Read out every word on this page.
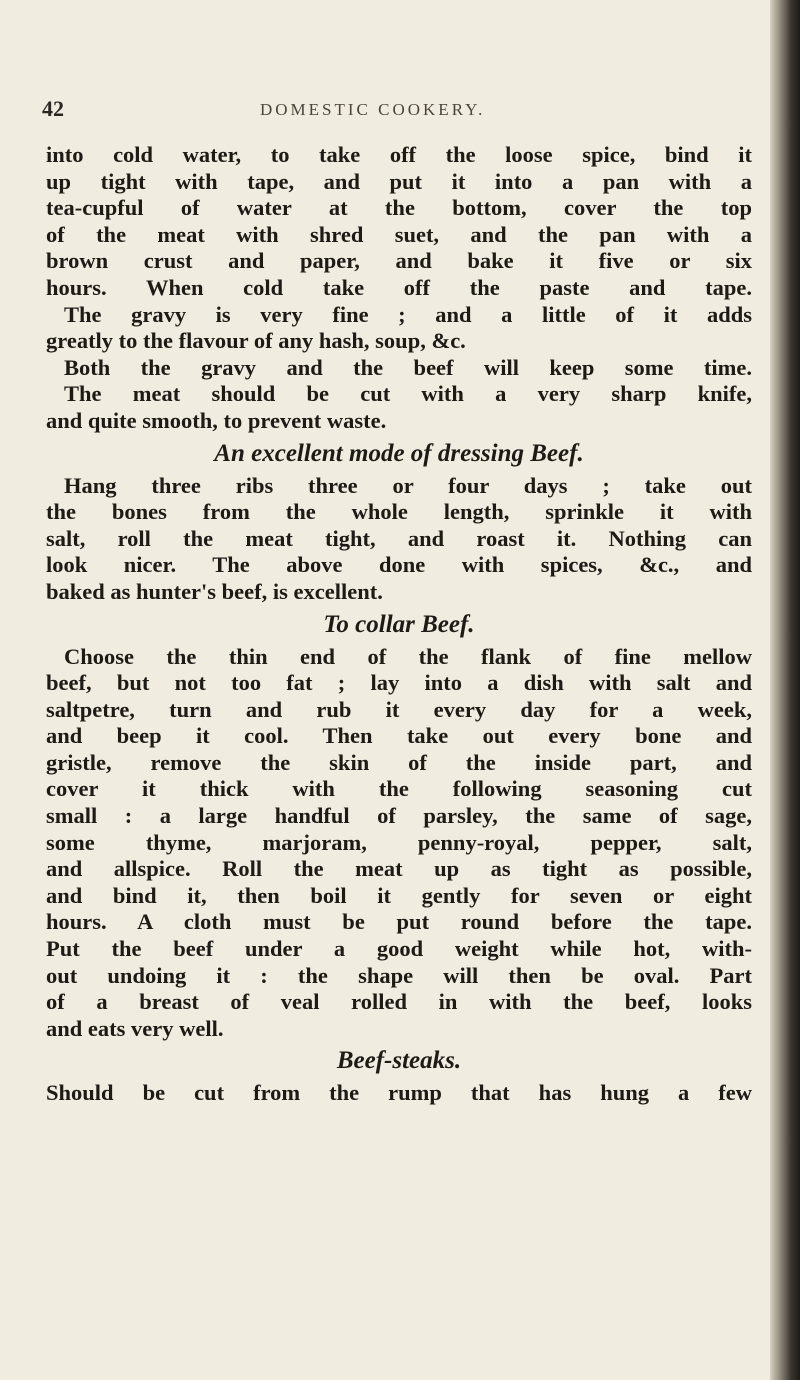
42	DOMESTIC COOKERY.
into cold water, to take off the loose spice, bind it
up tight with tape, and put it into a pan with a
tea-cupful of water at the bottom, cover the top
of the meat with shred suet, and the pan with a
brown crust and paper, and bake it five or six
hours. When cold take off the paste and tape.
The gravy is very fine ; and a little of it adds
greatly to the flavour of any hash, soup, &c.
Both the gravy and the beef will keep some time.
The meat should be cut with a very sharp knife,
and quite smooth, to prevent waste.
An excellent mode of dressing Beef.
Hang three ribs three or four days ; take out
the bones from the whole length, sprinkle it with
salt, roll the meat tight, and roast it. Nothing can
look nicer. The above done with spices, &c., and
baked as hunter's beef, is excellent.
To collar Beef.
Choose the thin end of the flank of fine mellow
beef, but not too fat ; lay into a dish with salt and
saltpetre, turn and rub it every day for a week,
and beep it cool. Then take out every bone and
gristle, remove the skin of the inside part, and
cover it thick with the following seasoning cut
small : a large handful of parsley, the same of sage,
some thyme, marjoram, penny-royal, pepper, salt,
and allspice. Roll the meat up as tight as possible,
and bind it, then boil it gently for seven or eight
hours. A cloth must be put round before the tape.
Put the beef under a good weight while hot, with-
out undoing it : the shape will then be oval. Part
of a breast of veal rolled in with the beef, looks
and eats very well.
Beef-steaks.
Should be cut from the rump that has hung a few
